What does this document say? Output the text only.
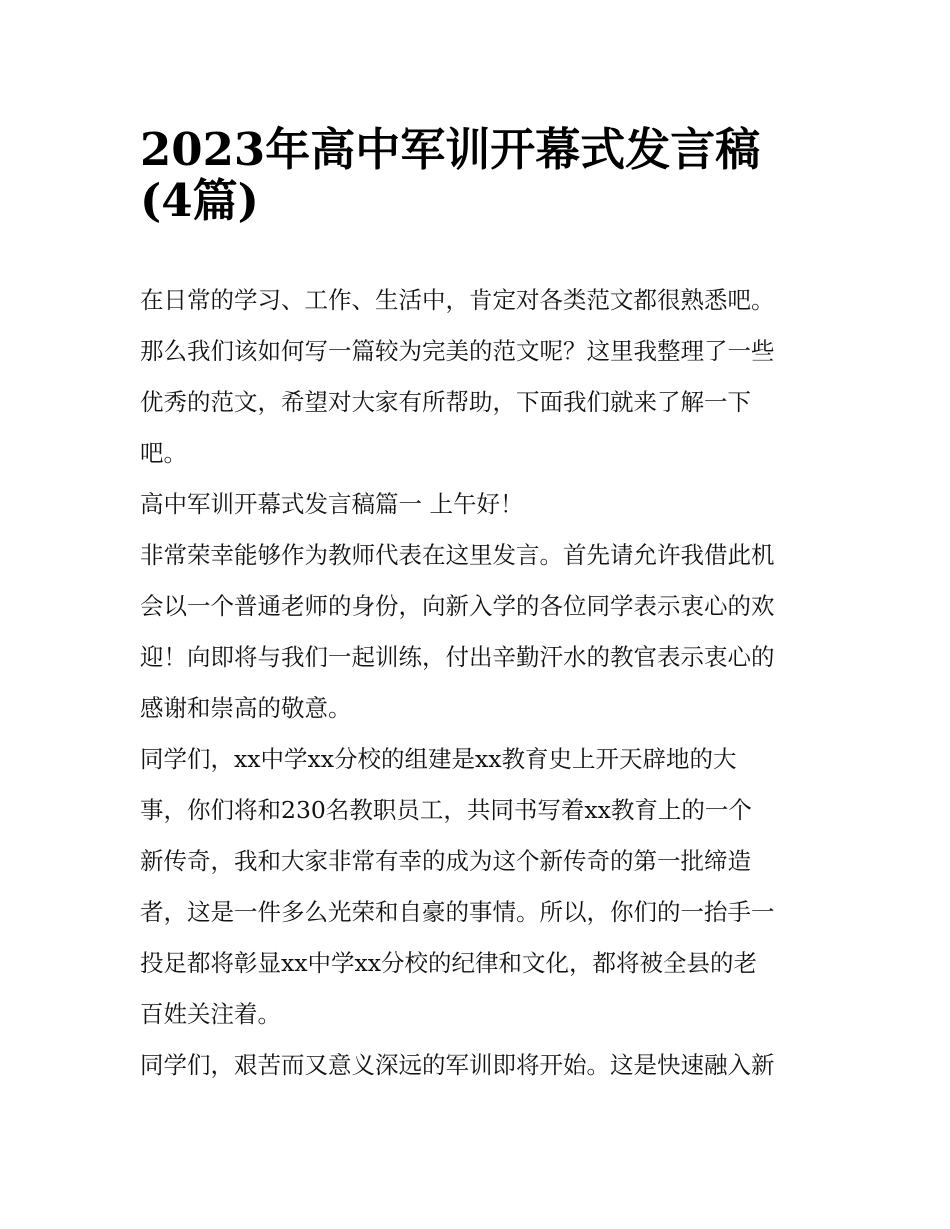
2023年高中军训开幕式发言稿
(4篇)

在日常的学习、工作、生活中，肯定对各类范文都很熟悉吧。
那么我们该如何写一篇较为完美的范文呢？这里我整理了一些
优秀的范文，希望对大家有所帮助，下面我们就来了解一下
吧。

高中军训开幕式发言稿篇一 上午好！

非常荣幸能够作为教师代表在这里发言。首先请允许我借此机
会以一个普通老师的身份，向新入学的各位同学表示衷心的欢
迎！向即将与我们一起训练，付出辛勤汗水的教官表示衷心的
感谢和崇高的敬意。

同学们，xx中学xx分校的组建是xx教育史上开天辟地的大
事，你们将和230名教职员工，共同书写着xx教育上的一个
新传奇，我和大家非常有幸的成为这个新传奇的第一批缔造
者，这是一件多么光荣和自豪的事情。所以，你们的一抬手一
投足都将彰显xx中学xx分校的纪律和文化，都将被全县的老
百姓关注着。

同学们，艰苦而又意义深远的军训即将开始。这是快速融入新
